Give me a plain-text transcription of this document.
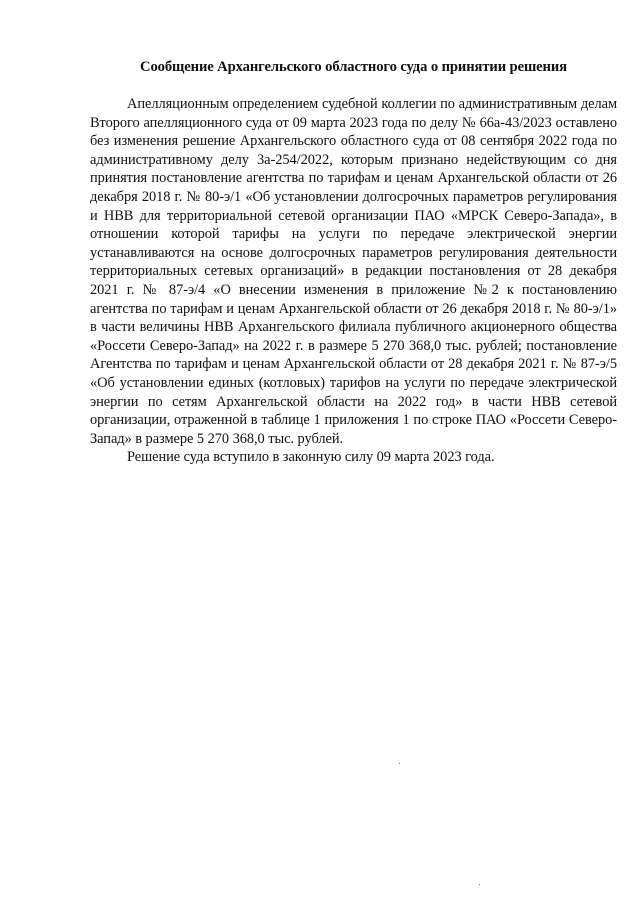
Сообщение Архангельского областного суда о принятии решения

Апелляционным определением судебной коллегии по административным делам Второго апелляционного суда от 09 марта 2023 года по делу № 66а-43/2023 оставлено без изменения решение Архангельского областного суда от 08 сентября 2022 года по административному делу 3а-254/2022, которым признано недействующим со дня принятия постановление агентства по тарифам и ценам Архангельской области от 26 декабря 2018 г. № 80-э/1 «Об установлении долгосрочных параметров регулирования и НВВ для территориальной сетевой организации ПАО «МРСК Северо-Запада», в отношении которой тарифы на услуги по передаче электрической энергии устанавливаются на основе долгосрочных параметров регулирования деятельности территориальных сетевых организаций» в редакции постановления от 28 декабря 2021 г. № 87-э/4 «О внесении изменения в приложение №2 к постановлению агентства по тарифам и ценам Архангельской области от 26 декабря 2018 г. № 80-э/1» в части величины НВВ Архангельского филиала публичного акционерного общества «Россети Северо-Запад» на 2022 г. в размере 5 270 368,0 тыс. рублей; постановление Агентства по тарифам и ценам Архангельской области от 28 декабря 2021 г. № 87-э/5 «Об установлении единых (котловых) тарифов на услуги по передаче электрической энергии по сетям Архангельской области на 2022 год» в части НВВ сетевой организации, отраженной в таблице 1 приложения 1 по строке ПАО «Россети Северо-Запад» в размере 5 270 368,0 тыс. рублей.

Решение суда вступило в законную силу 09 марта 2023 года.
